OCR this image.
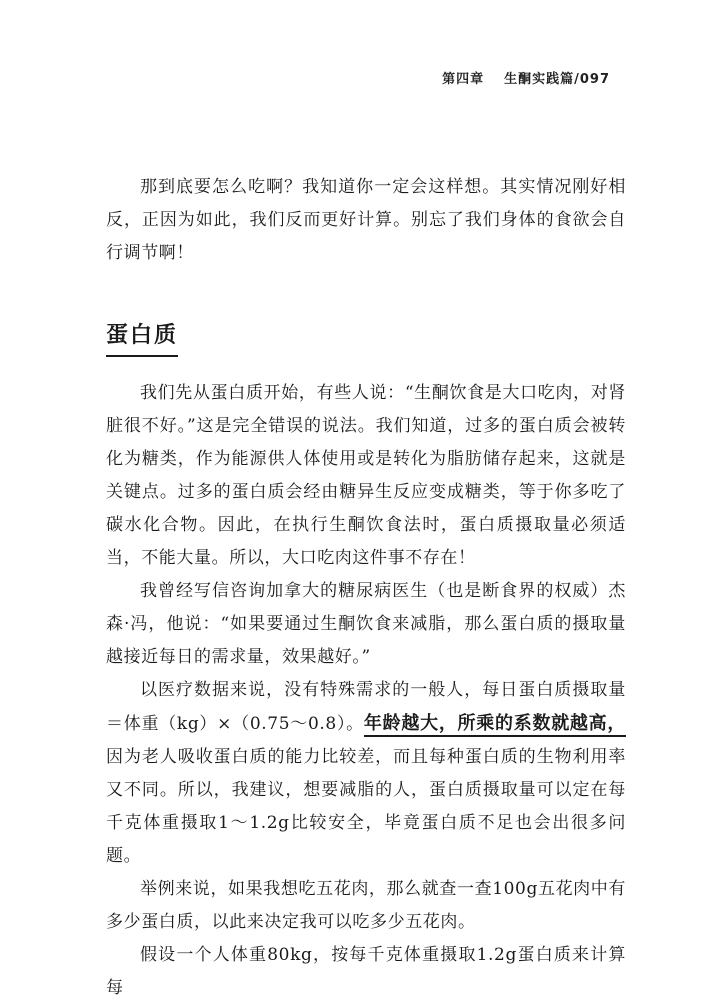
第四章 生酮实践篇/097

那到底要怎么吃啊？我知道你一定会这样想。其实情况刚好相反，正因为如此，我们反而更好计算。别忘了我们身体的食欲会自行调节啊！

蛋白质

我们先从蛋白质开始，有些人说：“生酮饮食是大口吃肉，对肾脏很不好。”这是完全错误的说法。我们知道，过多的蛋白质会被转化为糖类，作为能源供人体使用或是转化为脂肪储存起来，这就是关键点。过多的蛋白质会经由糖异生反应变成糖类，等于你多吃了碳水化合物。因此，在执行生酮饮食法时，蛋白质摄取量必须适当，不能大量。所以，大口吃肉这件事不存在！

我曾经写信咨询加拿大的糖尿病医生（也是断食界的权威）杰森·冯，他说：“如果要通过生酮饮食来减脂，那么蛋白质的摄取量越接近每日的需求量，效果越好。”

以医疗数据来说，没有特殊需求的一般人，每日蛋白质摄取量＝体重（kg）×（0.75～0.8）。年龄越大，所乘的系数就越高，因为老人吸收蛋白质的能力比较差，而且每种蛋白质的生物利用率又不同。所以，我建议，想要减脂的人，蛋白质摄取量可以定在每千克体重摄取1～1.2g比较安全，毕竟蛋白质不足也会出很多问题。

举例来说，如果我想吃五花肉，那么就查一查100g五花肉中有多少蛋白质，以此来决定我可以吃多少五花肉。

假设一个人体重80kg，按每千克体重摄取1.2g蛋白质来计算每
